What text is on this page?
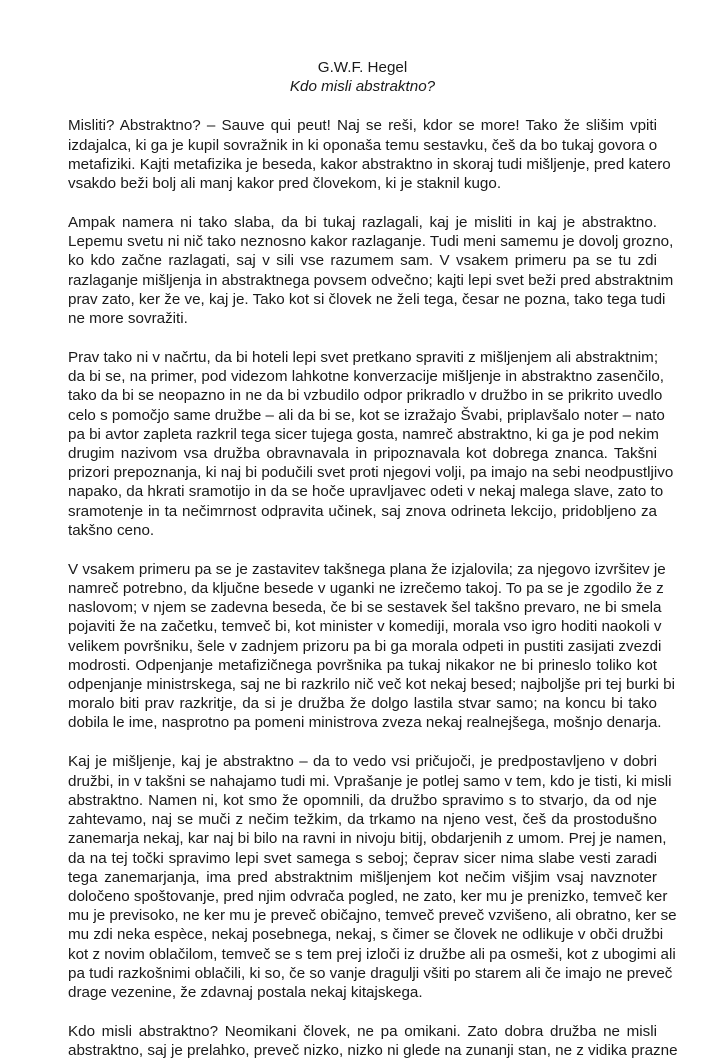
G.W.F. Hegel

Kdo misli abstraktno?

Misliti? Abstraktno? – Sauve qui peut! Naj se reši, kdor se more! Tako že slišim vpiti
izdajalca, ki ga je kupil sovražnik in ki oponaša temu sestavku, češ da bo tukaj govora o
metafiziki. Kajti metafizika je beseda, kakor abstraktno in skoraj tudi mišljenje, pred katero
vsakdo beži bolj ali manj kakor pred človekom, ki je staknil kugo.
Ampak namera ni tako slaba, da bi tukaj razlagali, kaj je misliti in kaj je abstraktno.
Lepemu svetu ni nič tako neznosno kakor razlaganje. Tudi meni samemu je dovolj grozno,
ko kdo začne razlagati, saj v sili vse razumem sam. V vsakem primeru pa se tu zdi
razlaganje mišljenja in abstraktnega povsem odvečno; kajti lepi svet beži pred abstraktnim
prav zato, ker že ve, kaj je. Tako kot si človek ne želi tega, česar ne pozna, tako tega tudi
ne more sovražiti.
Prav tako ni v načrtu, da bi hoteli lepi svet pretkano spraviti z mišljenjem ali abstraktnim;
da bi se, na primer, pod videzom lahkotne konverzacije mišljenje in abstraktno zasenčilo,
tako da bi se neopazno in ne da bi vzbudilo odpor prikradlo v družbo in se prikrito uvedlo
celo s pomočjo same družbe – ali da bi se, kot se izražajo Švabi, priplavšalo noter – nato
pa bi avtor zapleta razkril tega sicer tujega gosta, namreč abstraktno, ki ga je pod nekim
drugim nazivom vsa družba obravnavala in pripoznavala kot dobrega znanca. Takšni
prizori prepoznanja, ki naj bi podučili svet proti njegovi volji, pa imajo na sebi neodpustljivo
napako, da hkrati sramotijo in da se hoče upravljavec odeti v nekaj malega slave, zato to
sramotenje in ta nečimrnost odpravita učinek, saj znova odrineta lekcijo, pridobljeno za
takšno ceno.
V vsakem primeru pa se je zastavitev takšnega plana že izjalovila; za njegovo izvršitev je
namreč potrebno, da ključne besede v uganki ne izrečemo takoj. To pa se je zgodilo že z
naslovom; v njem se zadevna beseda, če bi se sestavek šel takšno prevaro, ne bi smela
pojaviti že na začetku, temveč bi, kot minister v komediji, morala vso igro hoditi naokoli v
velikem površniku, šele v zadnjem prizoru pa bi ga morala odpeti in pustiti zasijati zvezdi
modrosti. Odpenjanje metafizičnega površnika pa tukaj nikakor ne bi prineslo toliko kot
odpenjanje ministrskega, saj ne bi razkrilo nič več kot nekaj besed; najboljše pri tej burki bi
moralo biti prav razkritje, da si je družba že dolgo lastila stvar samo; na koncu bi tako
dobila le ime, nasprotno pa pomeni ministrova zveza nekaj realnejšega, mošnjo denarja.
Kaj je mišljenje, kaj je abstraktno – da to vedo vsi pričujoči, je predpostavljeno v dobri
družbi, in v takšni se nahajamo tudi mi. Vprašanje je potlej samo v tem, kdo je tisti, ki misli
abstraktno. Namen ni, kot smo že opomnili, da družbo spravimo s to stvarjo, da od nje
zahtevamo, naj se muči z nečim težkim, da trkamo na njeno vest, češ da prostodušno
zanemarja nekaj, kar naj bi bilo na ravni in nivoju bitij, obdarjenih z umom. Prej je namen,
da na tej točki spravimo lepi svet samega s seboj; čeprav sicer nima slabe vesti zaradi
tega zanemarjanja, ima pred abstraktnim mišljenjem kot nečim višjim vsaj navznoter
določeno spoštovanje, pred njim odvrača pogled, ne zato, ker mu je prenizko, temveč ker
mu je previsoko, ne ker mu je preveč običajno, temveč preveč vzvišeno, ali obratno, ker se
mu zdi neka espèce, nekaj posebnega, nekaj, s čimer se človek ne odlikuje v obči družbi
kot z novim oblačilom, temveč se s tem prej izloči iz družbe ali pa osmeši, kot z ubogimi ali
pa tudi razkošnimi oblačili, ki so, če so vanje dragulji všiti po starem ali če imajo ne preveč
drage vezenine, že zdavnaj postala nekaj kitajskega.
Kdo misli abstraktno? Neomikani človek, ne pa omikani. Zato dobra družba ne misli
abstraktno, saj je prelahko, preveč nizko, nizko ni glede na zunanji stan, ne z vidika prazne
